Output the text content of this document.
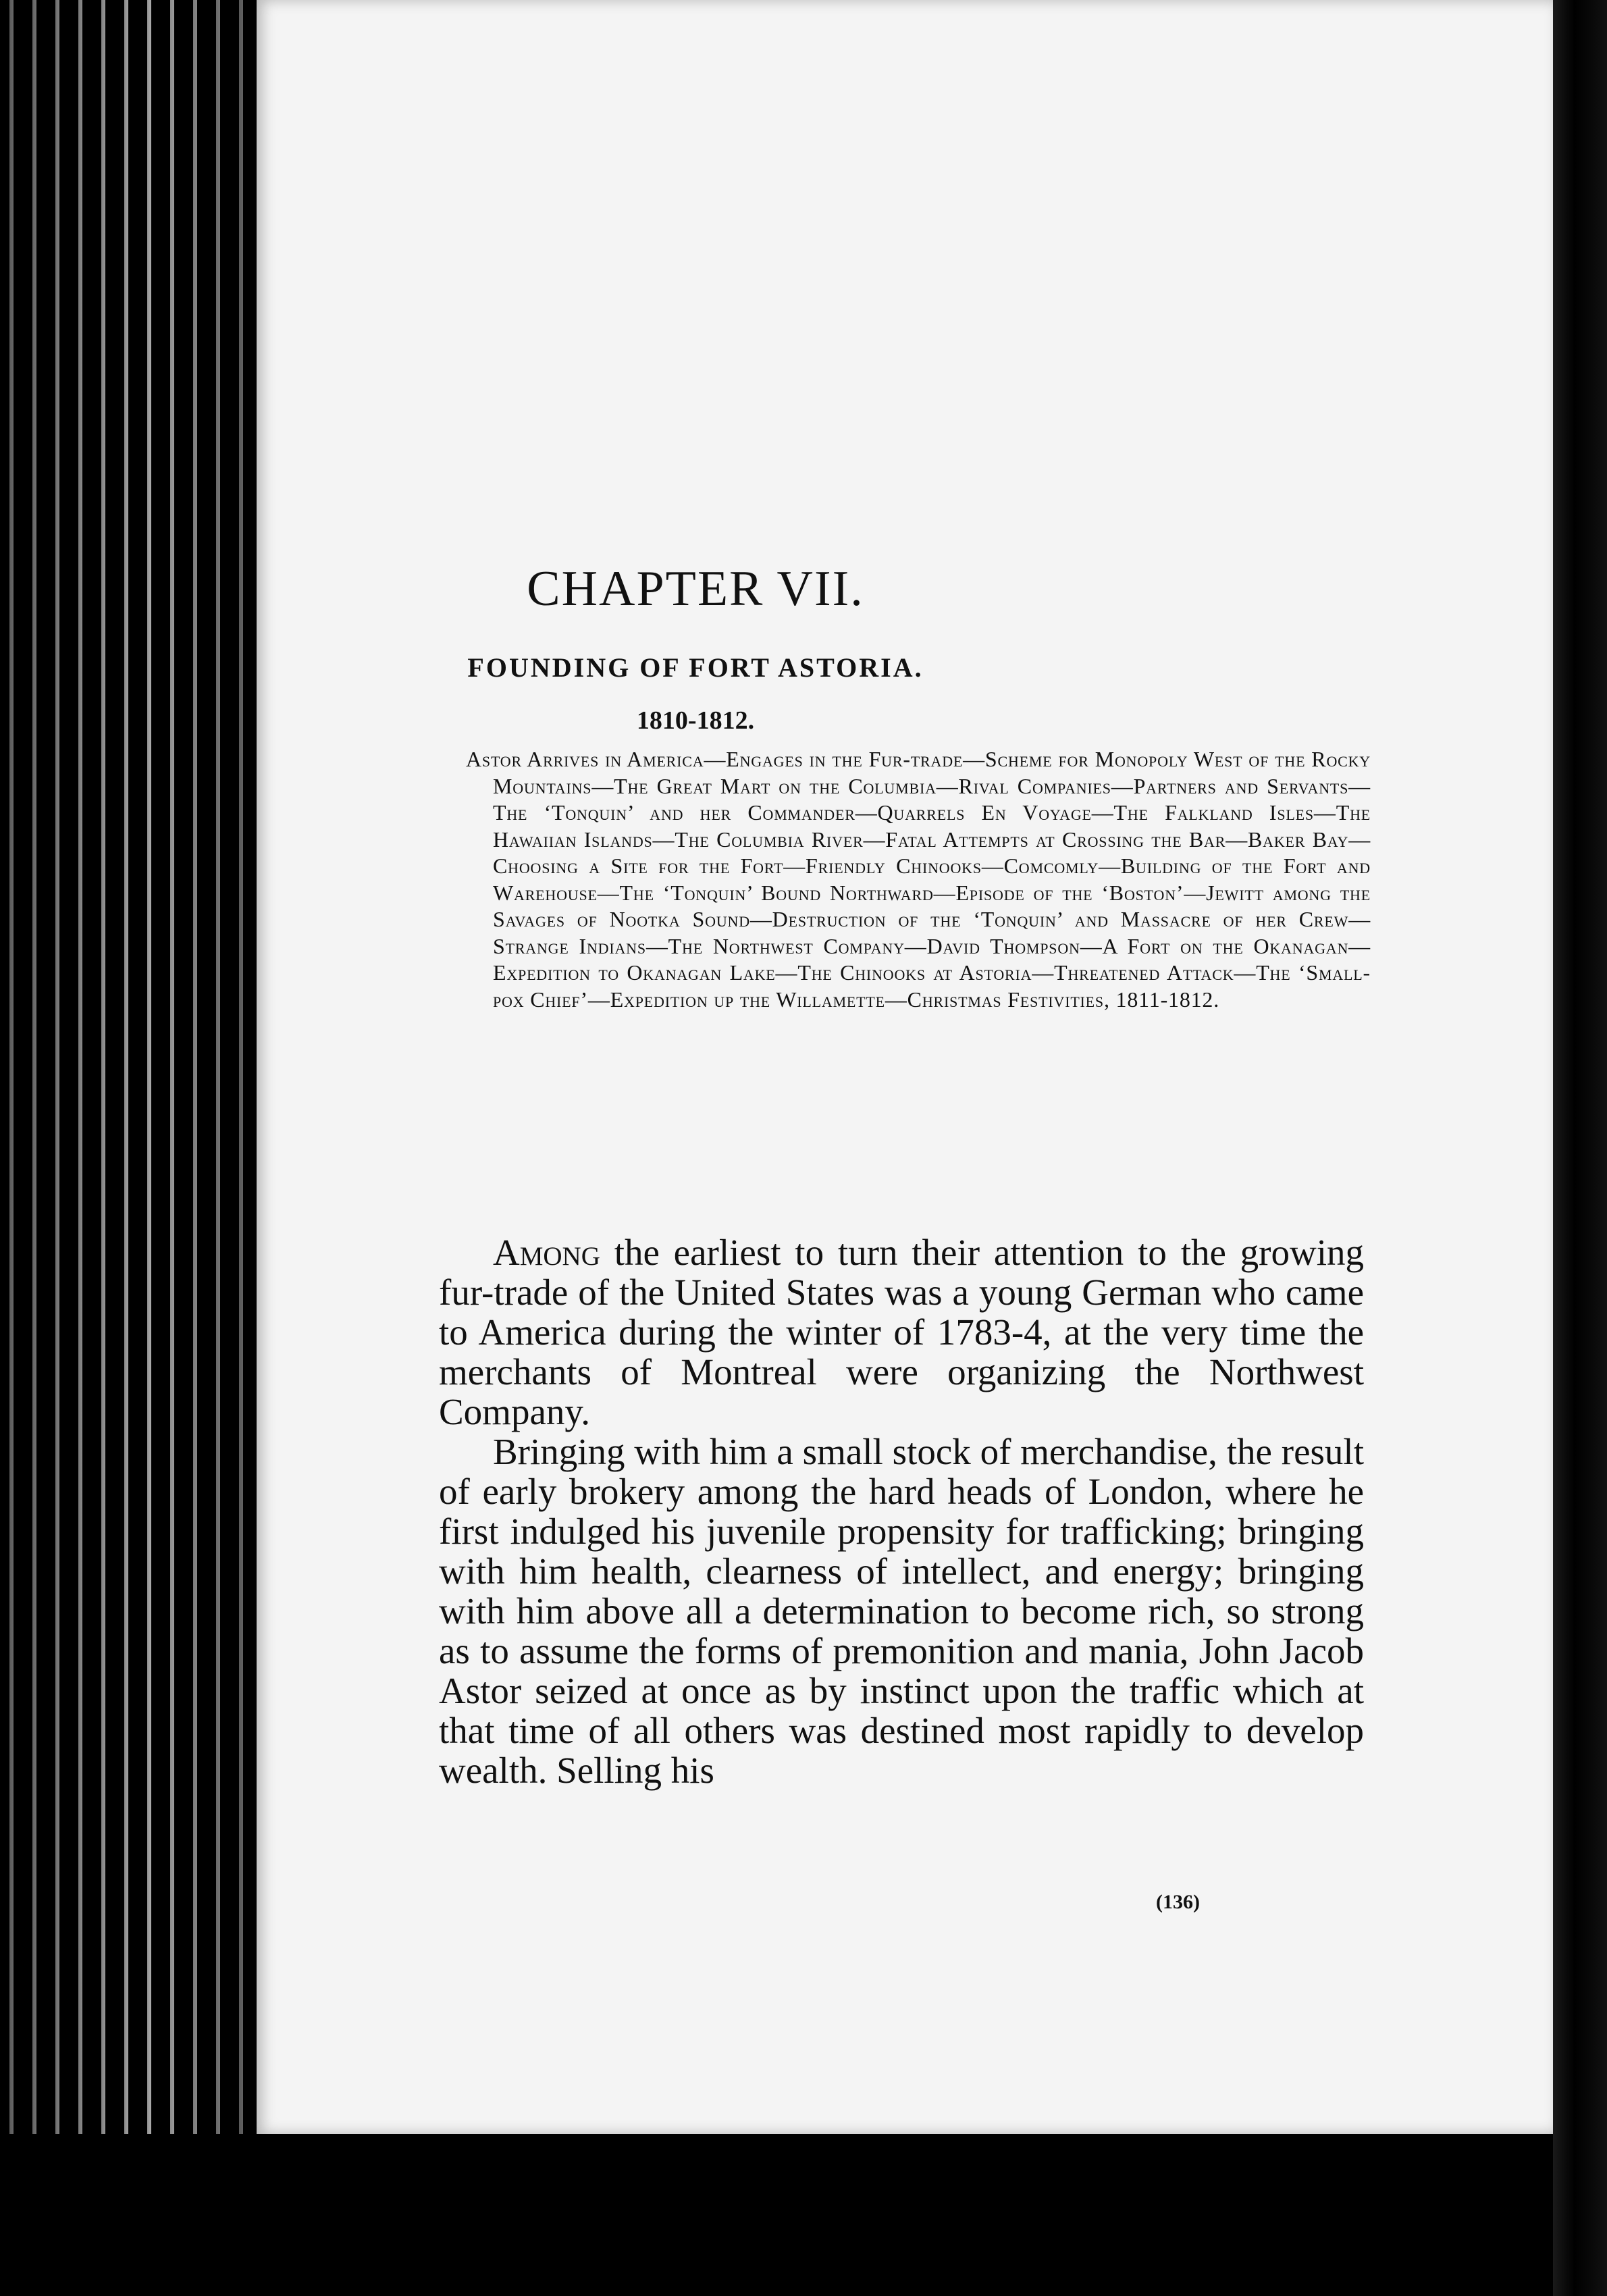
CHAPTER VII.
FOUNDING OF FORT ASTORIA.
1810-1812.

Astor Arrives in America—Engages in the Fur-trade—Scheme for Monopoly West of the Rocky Mountains—The Great Mart on the Columbia—Rival Companies—Partners and Servants—The ‘Tonquin’ and her Commander—Quarrels En Voyage—The Falkland Isles—The Hawaiian Islands—The Columbia River—Fatal Attempts at Crossing the Bar—Baker Bay—Choosing a Site for the Fort—Friendly Chinooks—Comcomly—Building of the Fort and Warehouse—The ‘Tonquin’ Bound Northward—Episode of the ‘Boston’—Jewitt among the Savages of Nootka Sound—Destruction of the ‘Tonquin’ and Massacre of her Crew—Strange Indians—The Northwest Company—David Thompson—A Fort on the Okanagan—Expedition to Okanagan Lake—The Chinooks at Astoria—Threatened Attack—The ‘Small-pox Chief’—Expedition up the Willamette—Christmas Festivities, 1811-1812.

Among the earliest to turn their attention to the growing fur-trade of the United States was a young German who came to America during the winter of 1783-4, at the very time the merchants of Montreal were organizing the Northwest Company.

Bringing with him a small stock of merchandise, the result of early brokery among the hard heads of London, where he first indulged his juvenile propensity for trafficking; bringing with him health, clearness of intellect, and energy; bringing with him above all a determination to become rich, so strong as to assume the forms of premonition and mania, John Jacob Astor seized at once as by instinct upon the traffic which at that time of all others was destined most rapidly to develop wealth. Selling his

(136)
